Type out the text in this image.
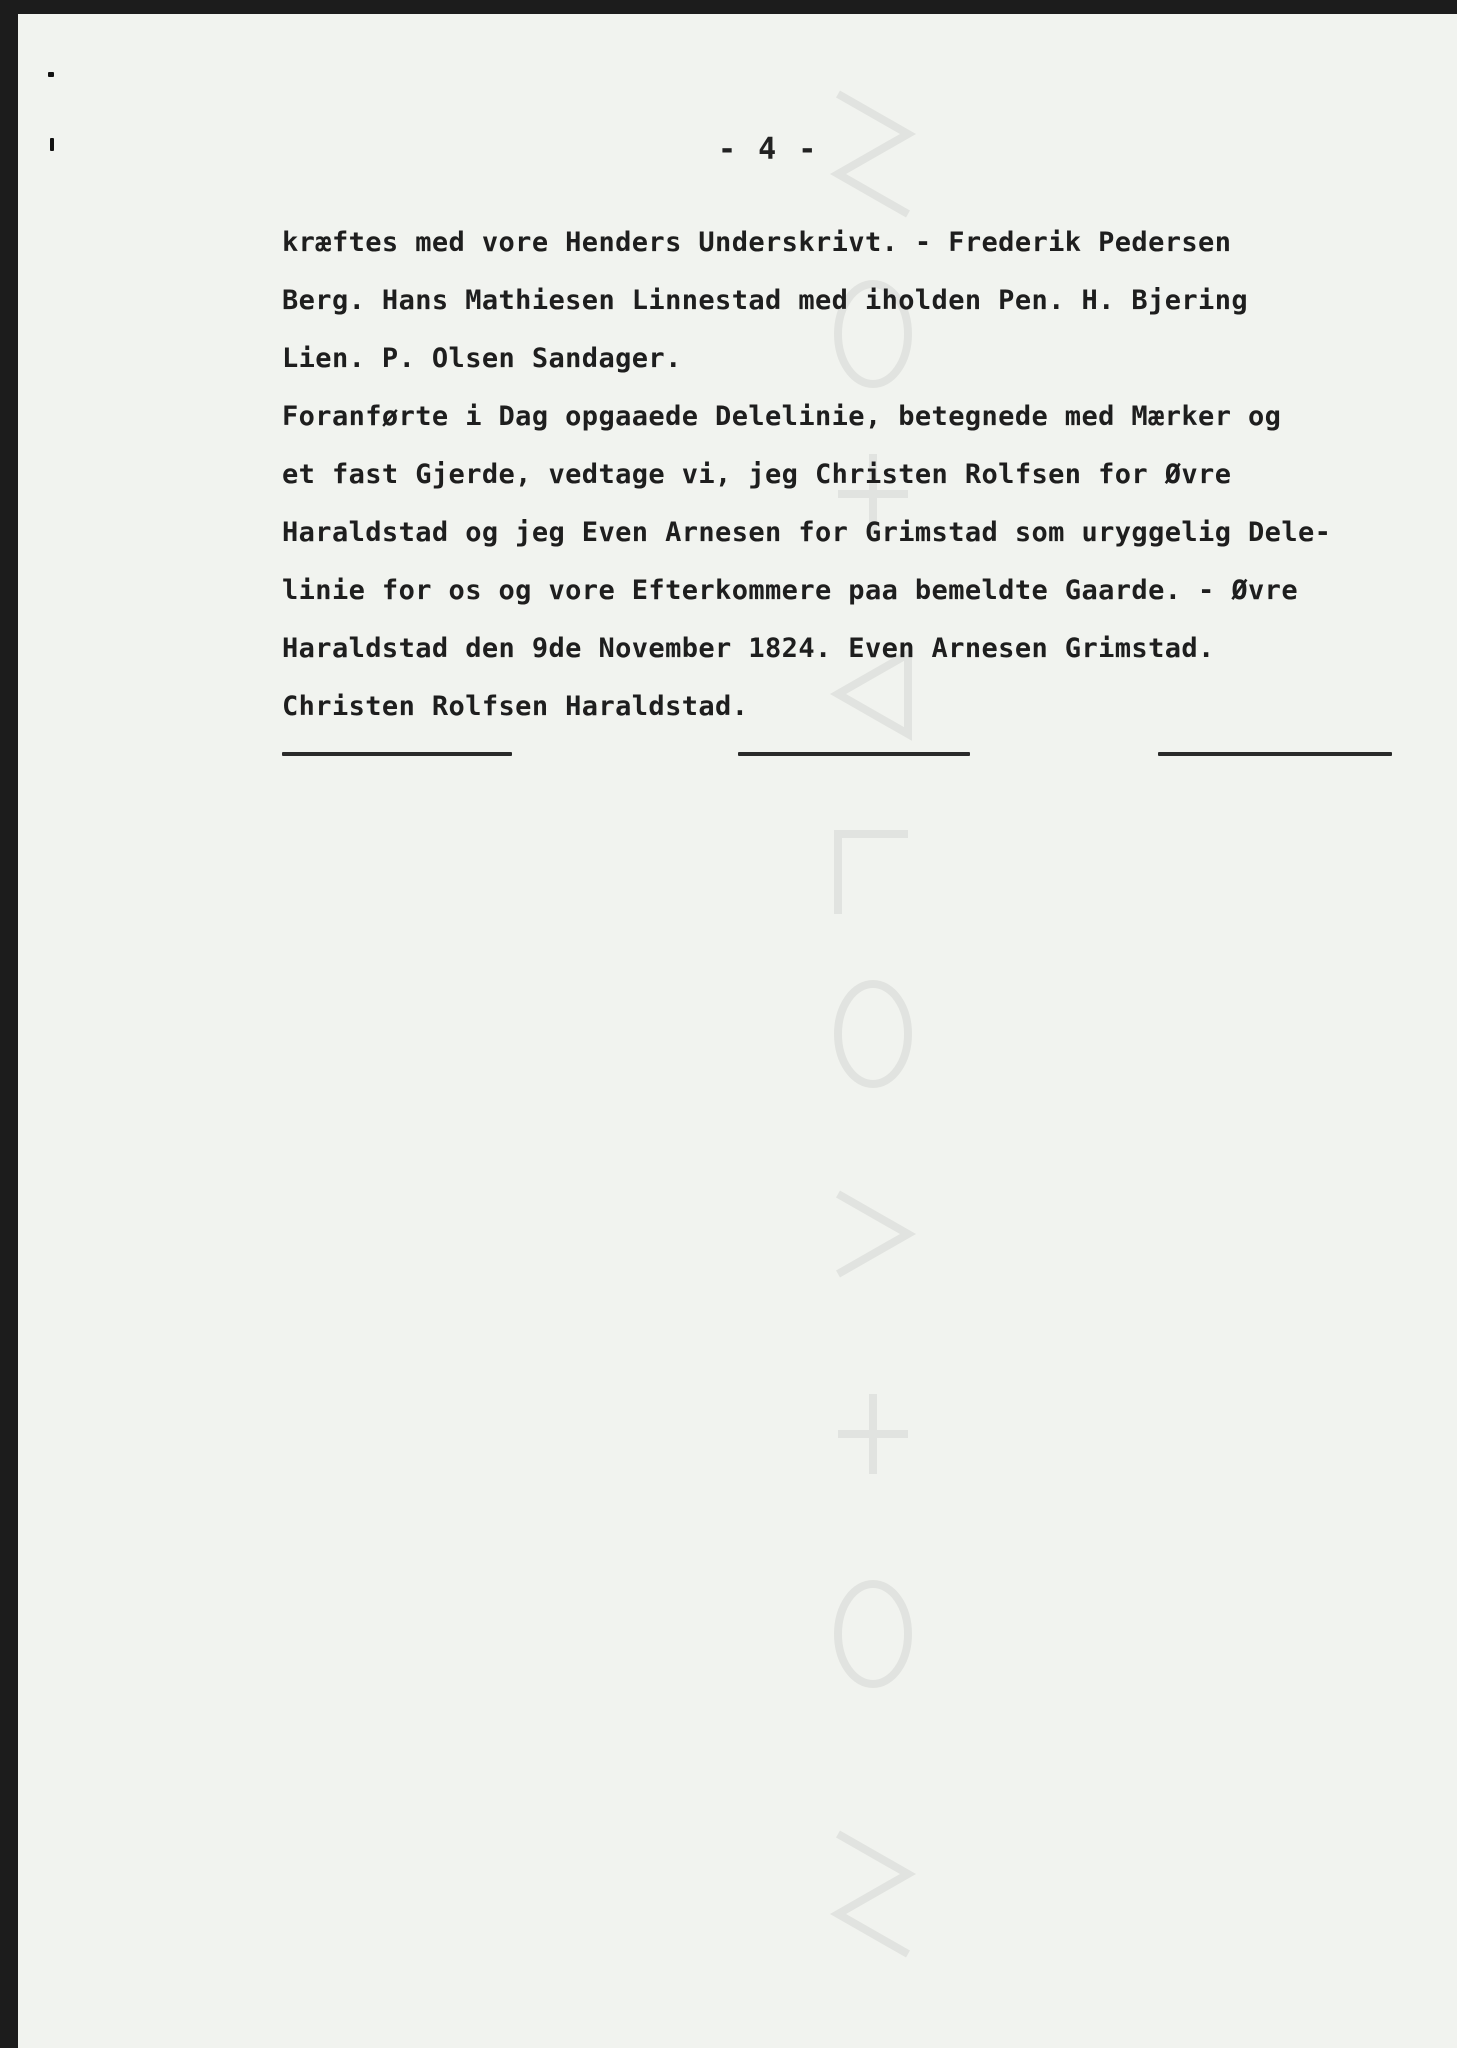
- 4 -
kræftes med vore Henders Underskrivt. - Frederik Pedersen
Berg. Hans Mathiesen Linnestad med iholden Pen. H. Bjering
Lien. P. Olsen Sandager.
Foranførte i Dag opgaaede Delelinie, betegnede med Mærker og
et fast Gjerde, vedtage vi, jeg Christen Rolfsen for Øvre
Haraldstad og jeg Even Arnesen for Grimstad som uryggelig Dele-
linie for os og vore Efterkommere paa bemeldte Gaarde. - Øvre
Haraldstad den 9de November 1824. Even Arnesen Grimstad.
Christen Rolfsen Haraldstad.
